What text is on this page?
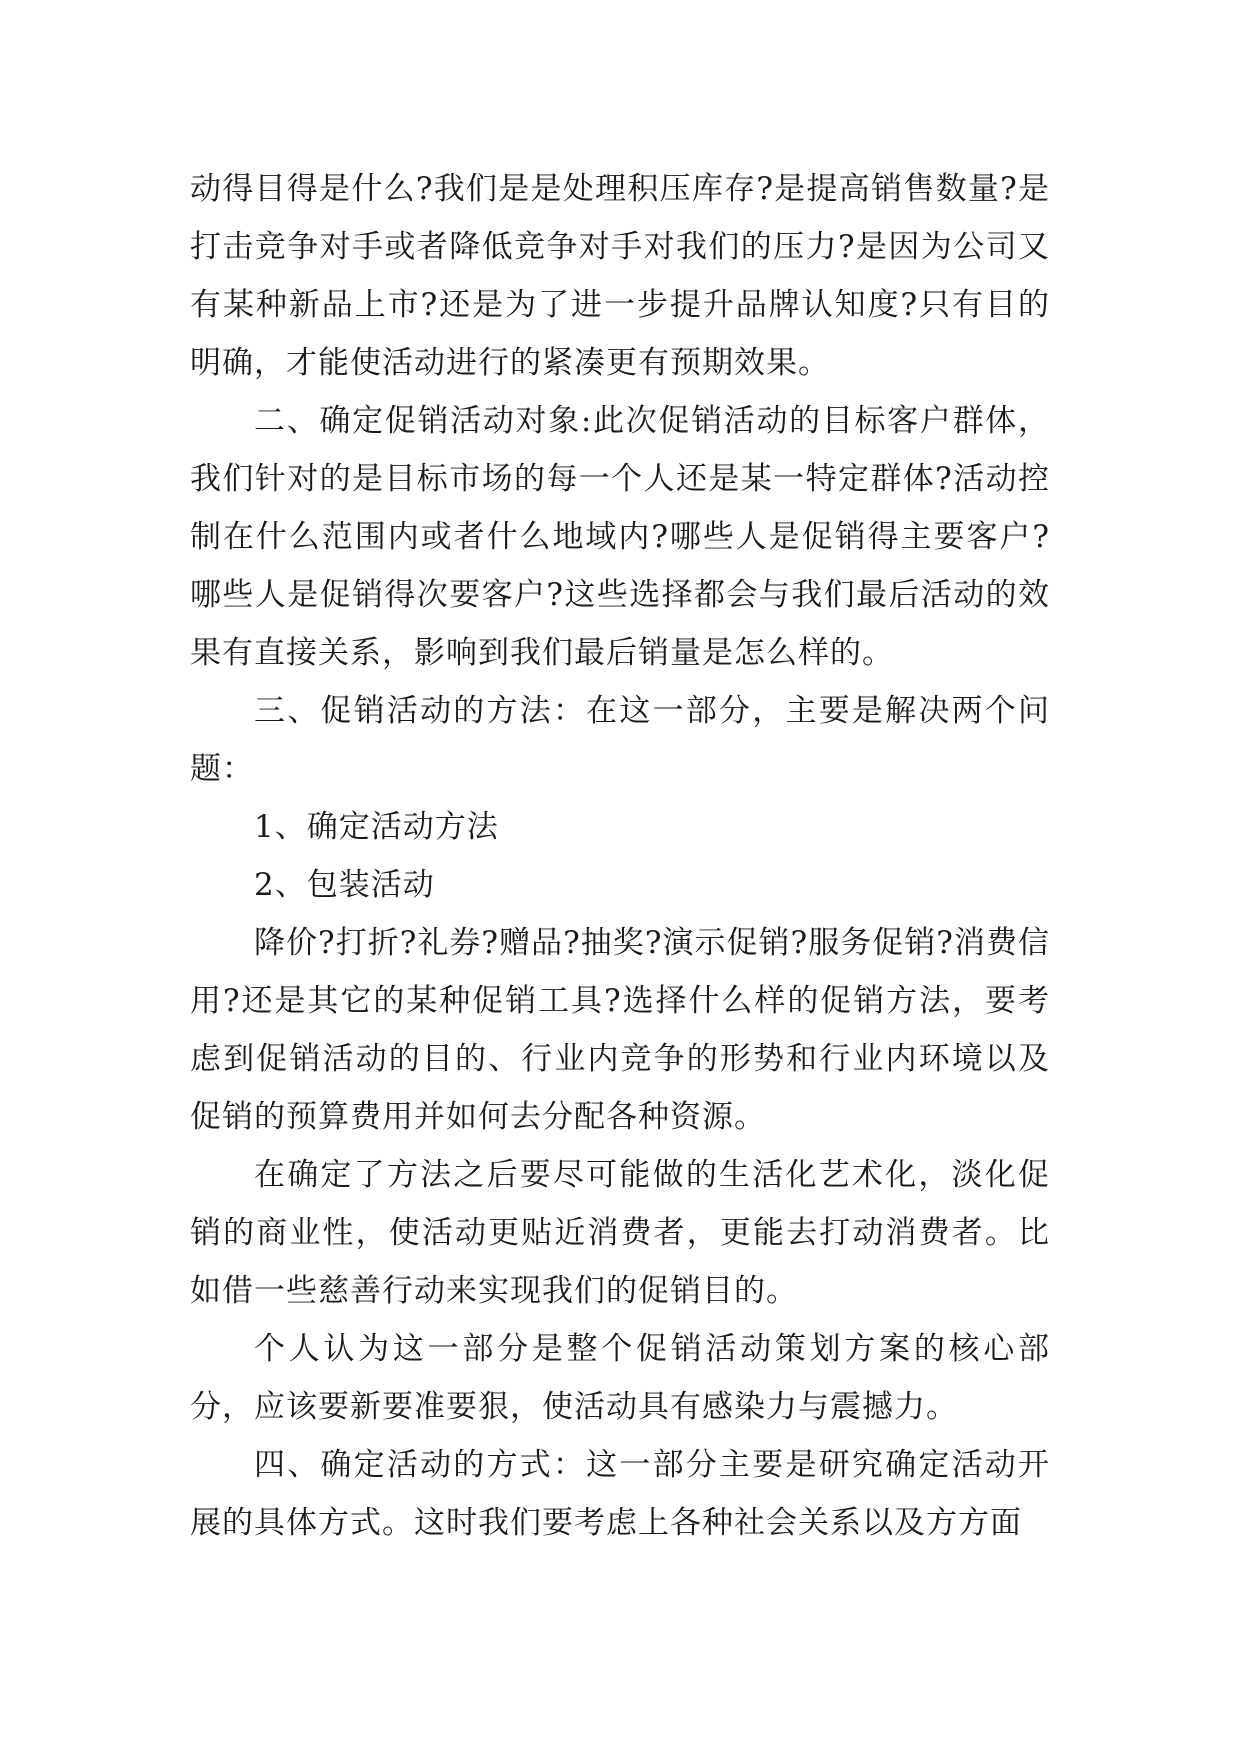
动得目得是什么?我们是是处理积压库存?是提高销售数量?是打击竞争对手或者降低竞争对手对我们的压力?是因为公司又有某种新品上市?还是为了进一步提升品牌认知度?只有目的明确，才能使活动进行的紧凑更有预期效果。

二、确定促销活动对象:此次促销活动的目标客户群体，我们针对的是目标市场的每一个人还是某一特定群体?活动控制在什么范围内或者什么地域内?哪些人是促销得主要客户?哪些人是促销得次要客户?这些选择都会与我们最后活动的效果有直接关系，影响到我们最后销量是怎么样的。

三、促销活动的方法：在这一部分，主要是解决两个问题：

1、确定活动方法

2、包装活动

降价?打折?礼券?赠品?抽奖?演示促销?服务促销?消费信用?还是其它的某种促销工具?选择什么样的促销方法，要考虑到促销活动的目的、行业内竞争的形势和行业内环境以及促销的预算费用并如何去分配各种资源。

在确定了方法之后要尽可能做的生活化艺术化，淡化促销的商业性，使活动更贴近消费者，更能去打动消费者。比如借一些慈善行动来实现我们的促销目的。

个人认为这一部分是整个促销活动策划方案的核心部分，应该要新要准要狠，使活动具有感染力与震撼力。

四、确定活动的方式：这一部分主要是研究确定活动开展的具体方式。这时我们要考虑上各种社会关系以及方方面
